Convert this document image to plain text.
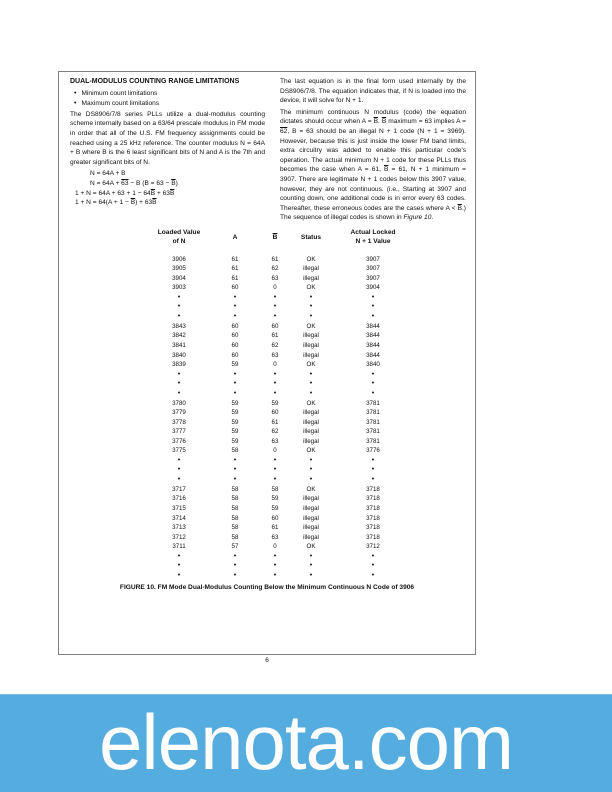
DUAL-MODULUS COUNTING RANGE LIMITATIONS
• Minimum count limitations
• Maximum count limitations

The DS8906/7/8 series PLLs utilize a dual-modulus counting scheme internally based on a 63/64 prescale modulus in FM mode in order that all of the U.S. FM frequency assignments could be reached using a 25 kHz reference. The counter modulus N = 64A + B where B is the 6 least significant bits of N and A is the 7th and greater significant bits of N.

N = 64A + B
N = 64A + 63 − B $(B = 63 - \overline{B})$
$1 + N = 64A + 63 + 1 - 64\overline{B} + 63\overline{B}$
$1 + N = 64(A + 1 - \overline{B}) + 63\overline{B}$

The last equation is in the final form used internally by the DS8906/7/8. The equation indicates that, if N is loaded into the device, it will solve for N + 1.

The minimum continuous N modulus (code) the equation dictates should occur when $A = \overline{B}$. $\overline{B}$ maximum = 63 implies A = 62, B = 63 should be an illegal N + 1 code (N + 1 = 3969). However, because this is just inside the lower FM band limits, extra circuitry was added to enable this particular code's operation. The actual minimum N + 1 code for these PLLs thus becomes the case when A = 61, $\overline{B} = 61$, N + 1 minimum = 3907. There are legitimate N + 1 codes below this 3907 value, however, they are not continuous. (i.e., Starting at 3907 and counting down, one additional code is in error every 63 codes. Thereafter, these erroneous codes are the cases where $A < \overline{B}$.) The sequence of illegal codes is shown in Figure 10.

Loaded Value
of N	A	$\overline{B}$	Status	Actual Locked
N + 1 Value
3906	61	61	OK	3907
3905	61	62	illegal	3907
3904	61	63	illegal	3907
3903	60	0	OK	3904
•	•	•	•	•
•	•	•	•	•
•	•	•	•	•
3843	60	60	OK	3844
3842	60	61	illegal	3844
3841	60	62	illegal	3844
3840	60	63	illegal	3844
3839	59	0	OK	3840
•	•	•	•	•
•	•	•	•	•
•	•	•	•	•
3780	59	59	OK	3781
3779	59	60	illegal	3781
3778	59	61	illegal	3781
3777	59	62	illegal	3781
3776	59	63	illegal	3781
3775	58	0	OK	3776
•	•	•	•	•
•	•	•	•	•
•	•	•	•	•
3717	58	58	OK	3718
3716	58	59	illegal	3718
3715	58	59	illegal	3718
3714	58	60	illegal	3718
3713	58	61	illegal	3718
3712	58	63	illegal	3718
3711	57	0	OK	3712
•	•	•	•	•
•	•	•	•	•
•	•	•	•	•
FIGURE 10. FM Mode Dual-Modulus Counting Below the Minimum Continuous N Code of 3906
6
elenota.com
